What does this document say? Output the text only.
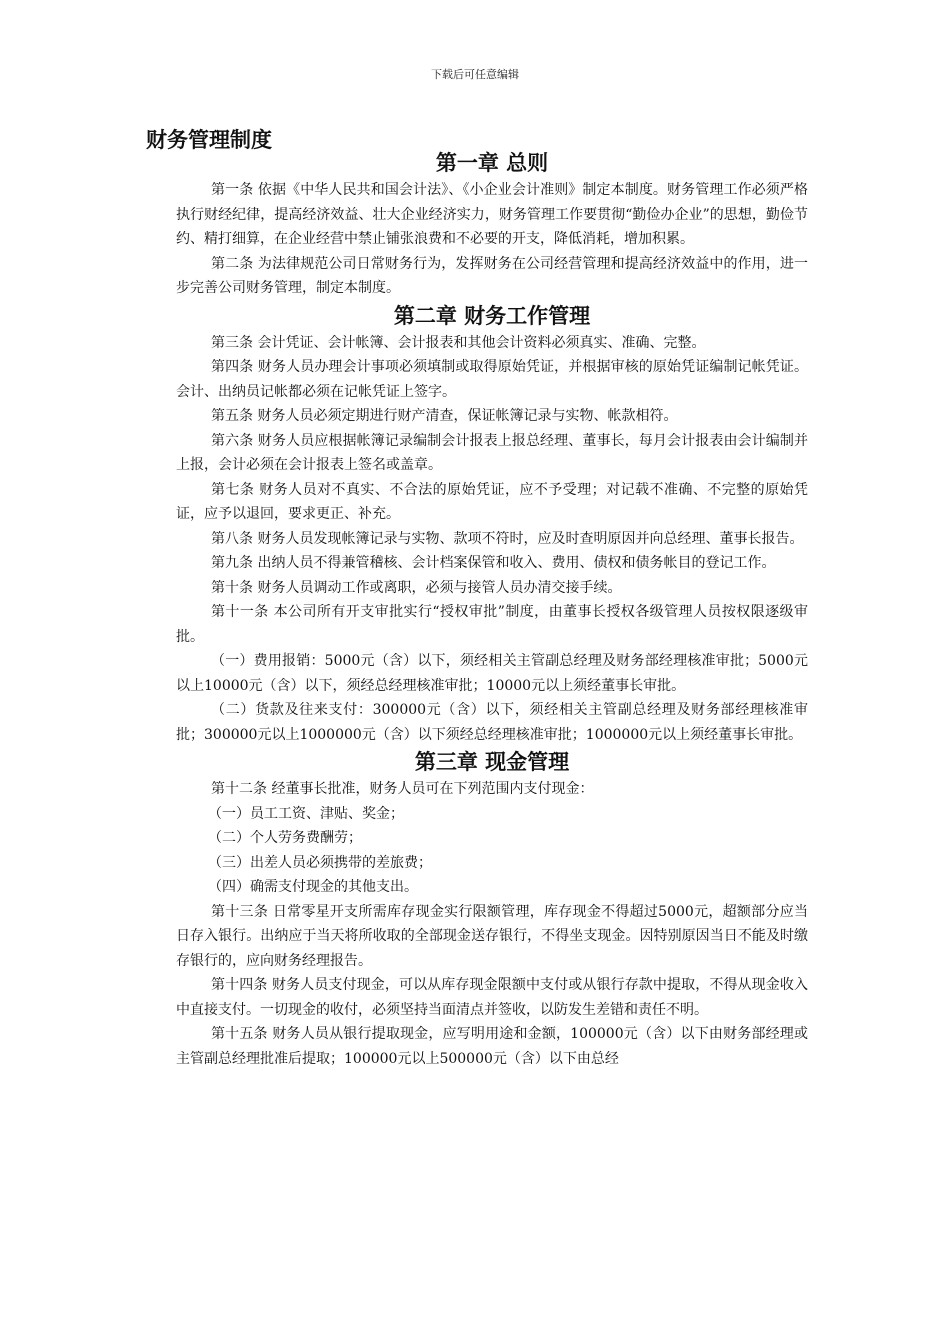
下载后可任意编辑
财务管理制度
第一章 总则

第一条 依据《中华人民共和国会计法》、《小企业会计准则》制定本制度。财务管理工作必须严格执行财经纪律，提高经济效益、壮大企业经济实力，财务管理工作要贯彻“勤俭办企业”的思想，勤俭节约、精打细算，在企业经营中禁止铺张浪费和不必要的开支，降低消耗，增加积累。

第二条 为法律规范公司日常财务行为，发挥财务在公司经营管理和提高经济效益中的作用，进一步完善公司财务管理，制定本制度。

第二章 财务工作管理

第三条 会计凭证、会计帐簿、会计报表和其他会计资料必须真实、准确、完整。

第四条 财务人员办理会计事项必须填制或取得原始凭证，并根据审核的原始凭证编制记帐凭证。会计、出纳员记帐都必须在记帐凭证上签字。

第五条 财务人员必须定期进行财产清查，保证帐簿记录与实物、帐款相符。

第六条 财务人员应根据帐簿记录编制会计报表上报总经理、董事长，每月会计报表由会计编制并上报，会计必须在会计报表上签名或盖章。

第七条 财务人员对不真实、不合法的原始凭证，应不予受理；对记载不准确、不完整的原始凭证，应予以退回，要求更正、补充。

第八条 财务人员发现帐簿记录与实物、款项不符时，应及时查明原因并向总经理、董事长报告。

第九条 出纳人员不得兼管稽核、会计档案保管和收入、费用、债权和债务帐目的登记工作。

第十条 财务人员调动工作或离职，必须与接管人员办清交接手续。

第十一条 本公司所有开支审批实行“授权审批”制度，由董事长授权各级管理人员按权限逐级审批。

（一）费用报销：5000元（含）以下，须经相关主管副总经理及财务部经理核准审批；5000元以上10000元（含）以下，须经总经理核准审批；10000元以上须经董事长审批。

（二）货款及往来支付：300000元（含）以下，须经相关主管副总经理及财务部经理核准审批；300000元以上1000000元（含）以下须经总经理核准审批；1000000元以上须经董事长审批。

第三章 现金管理

第十二条 经董事长批准，财务人员可在下列范围内支付现金：

（一）员工工资、津贴、奖金；

（二）个人劳务费酬劳；

（三）出差人员必须携带的差旅费；

（四）确需支付现金的其他支出。

第十三条 日常零星开支所需库存现金实行限额管理，库存现金不得超过5000元，超额部分应当日存入银行。出纳应于当天将所收取的全部现金送存银行，不得坐支现金。因特别原因当日不能及时缴存银行的，应向财务经理报告。

第十四条 财务人员支付现金，可以从库存现金限额中支付或从银行存款中提取，不得从现金收入中直接支付。一切现金的收付，必须坚持当面清点并签收，以防发生差错和责任不明。

第十五条 财务人员从银行提取现金，应写明用途和金额，100000元（含）以下由财务部经理或主管副总经理批准后提取；100000元以上500000元（含）以下由总经
